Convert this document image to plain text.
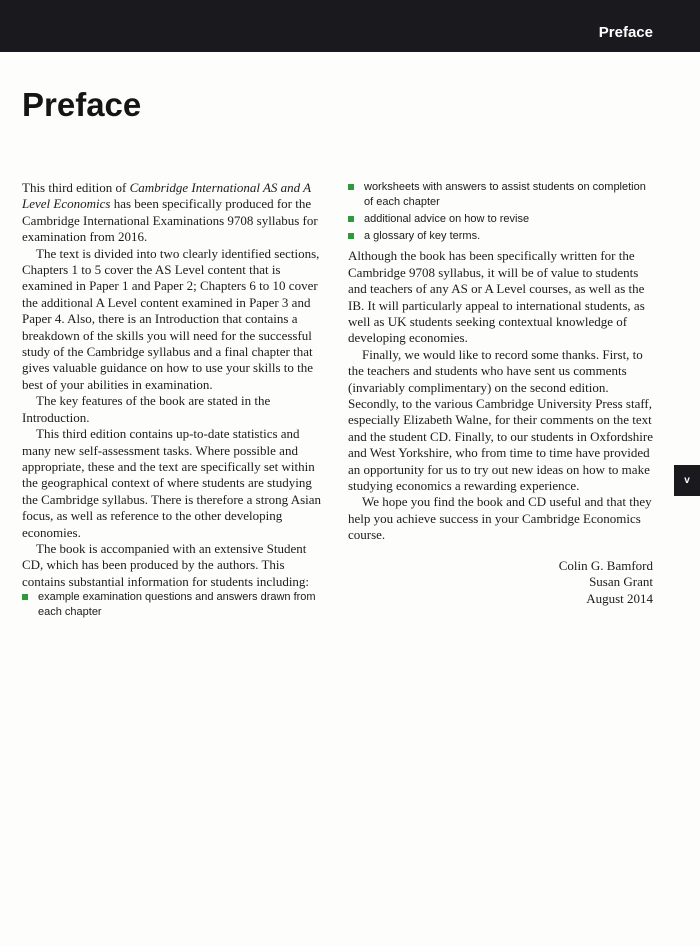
Preface
Preface

This third edition of Cambridge International AS and A Level Economics has been specifically produced for the Cambridge International Examinations 9708 syllabus for examination from 2016.

The text is divided into two clearly identified sections, Chapters 1 to 5 cover the AS Level content that is examined in Paper 1 and Paper 2; Chapters 6 to 10 cover the additional A Level content examined in Paper 3 and Paper 4. Also, there is an Introduction that contains a breakdown of the skills you will need for the successful study of the Cambridge syllabus and a final chapter that gives valuable guidance on how to use your skills to the best of your abilities in examination.

The key features of the book are stated in the Introduction.

This third edition contains up-to-date statistics and many new self-assessment tasks. Where possible and appropriate, these and the text are specifically set within the geographical context of where students are studying the Cambridge syllabus. There is therefore a strong Asian focus, as well as reference to the other developing economies.

The book is accompanied with an extensive Student CD, which has been produced by the authors. This contains substantial information for students including:

example examination questions and answers drawn from each chapter
worksheets with answers to assist students on completion of each chapter
additional advice on how to revise
a glossary of key terms.

Although the book has been specifically written for the Cambridge 9708 syllabus, it will be of value to students and teachers of any AS or A Level courses, as well as the IB. It will particularly appeal to international students, as well as UK students seeking contextual knowledge of developing economies.

Finally, we would like to record some thanks. First, to the teachers and students who have sent us comments (invariably complimentary) on the second edition. Secondly, to the various Cambridge University Press staff, especially Elizabeth Walne, for their comments on the text and the student CD. Finally, to our students in Oxfordshire and West Yorkshire, who from time to time have provided an opportunity for us to try out new ideas on how to make studying economics a rewarding experience.

We hope you find the book and CD useful and that they help you achieve success in your Cambridge Economics course.

Colin G. Bamford
Susan Grant
August 2014
v
